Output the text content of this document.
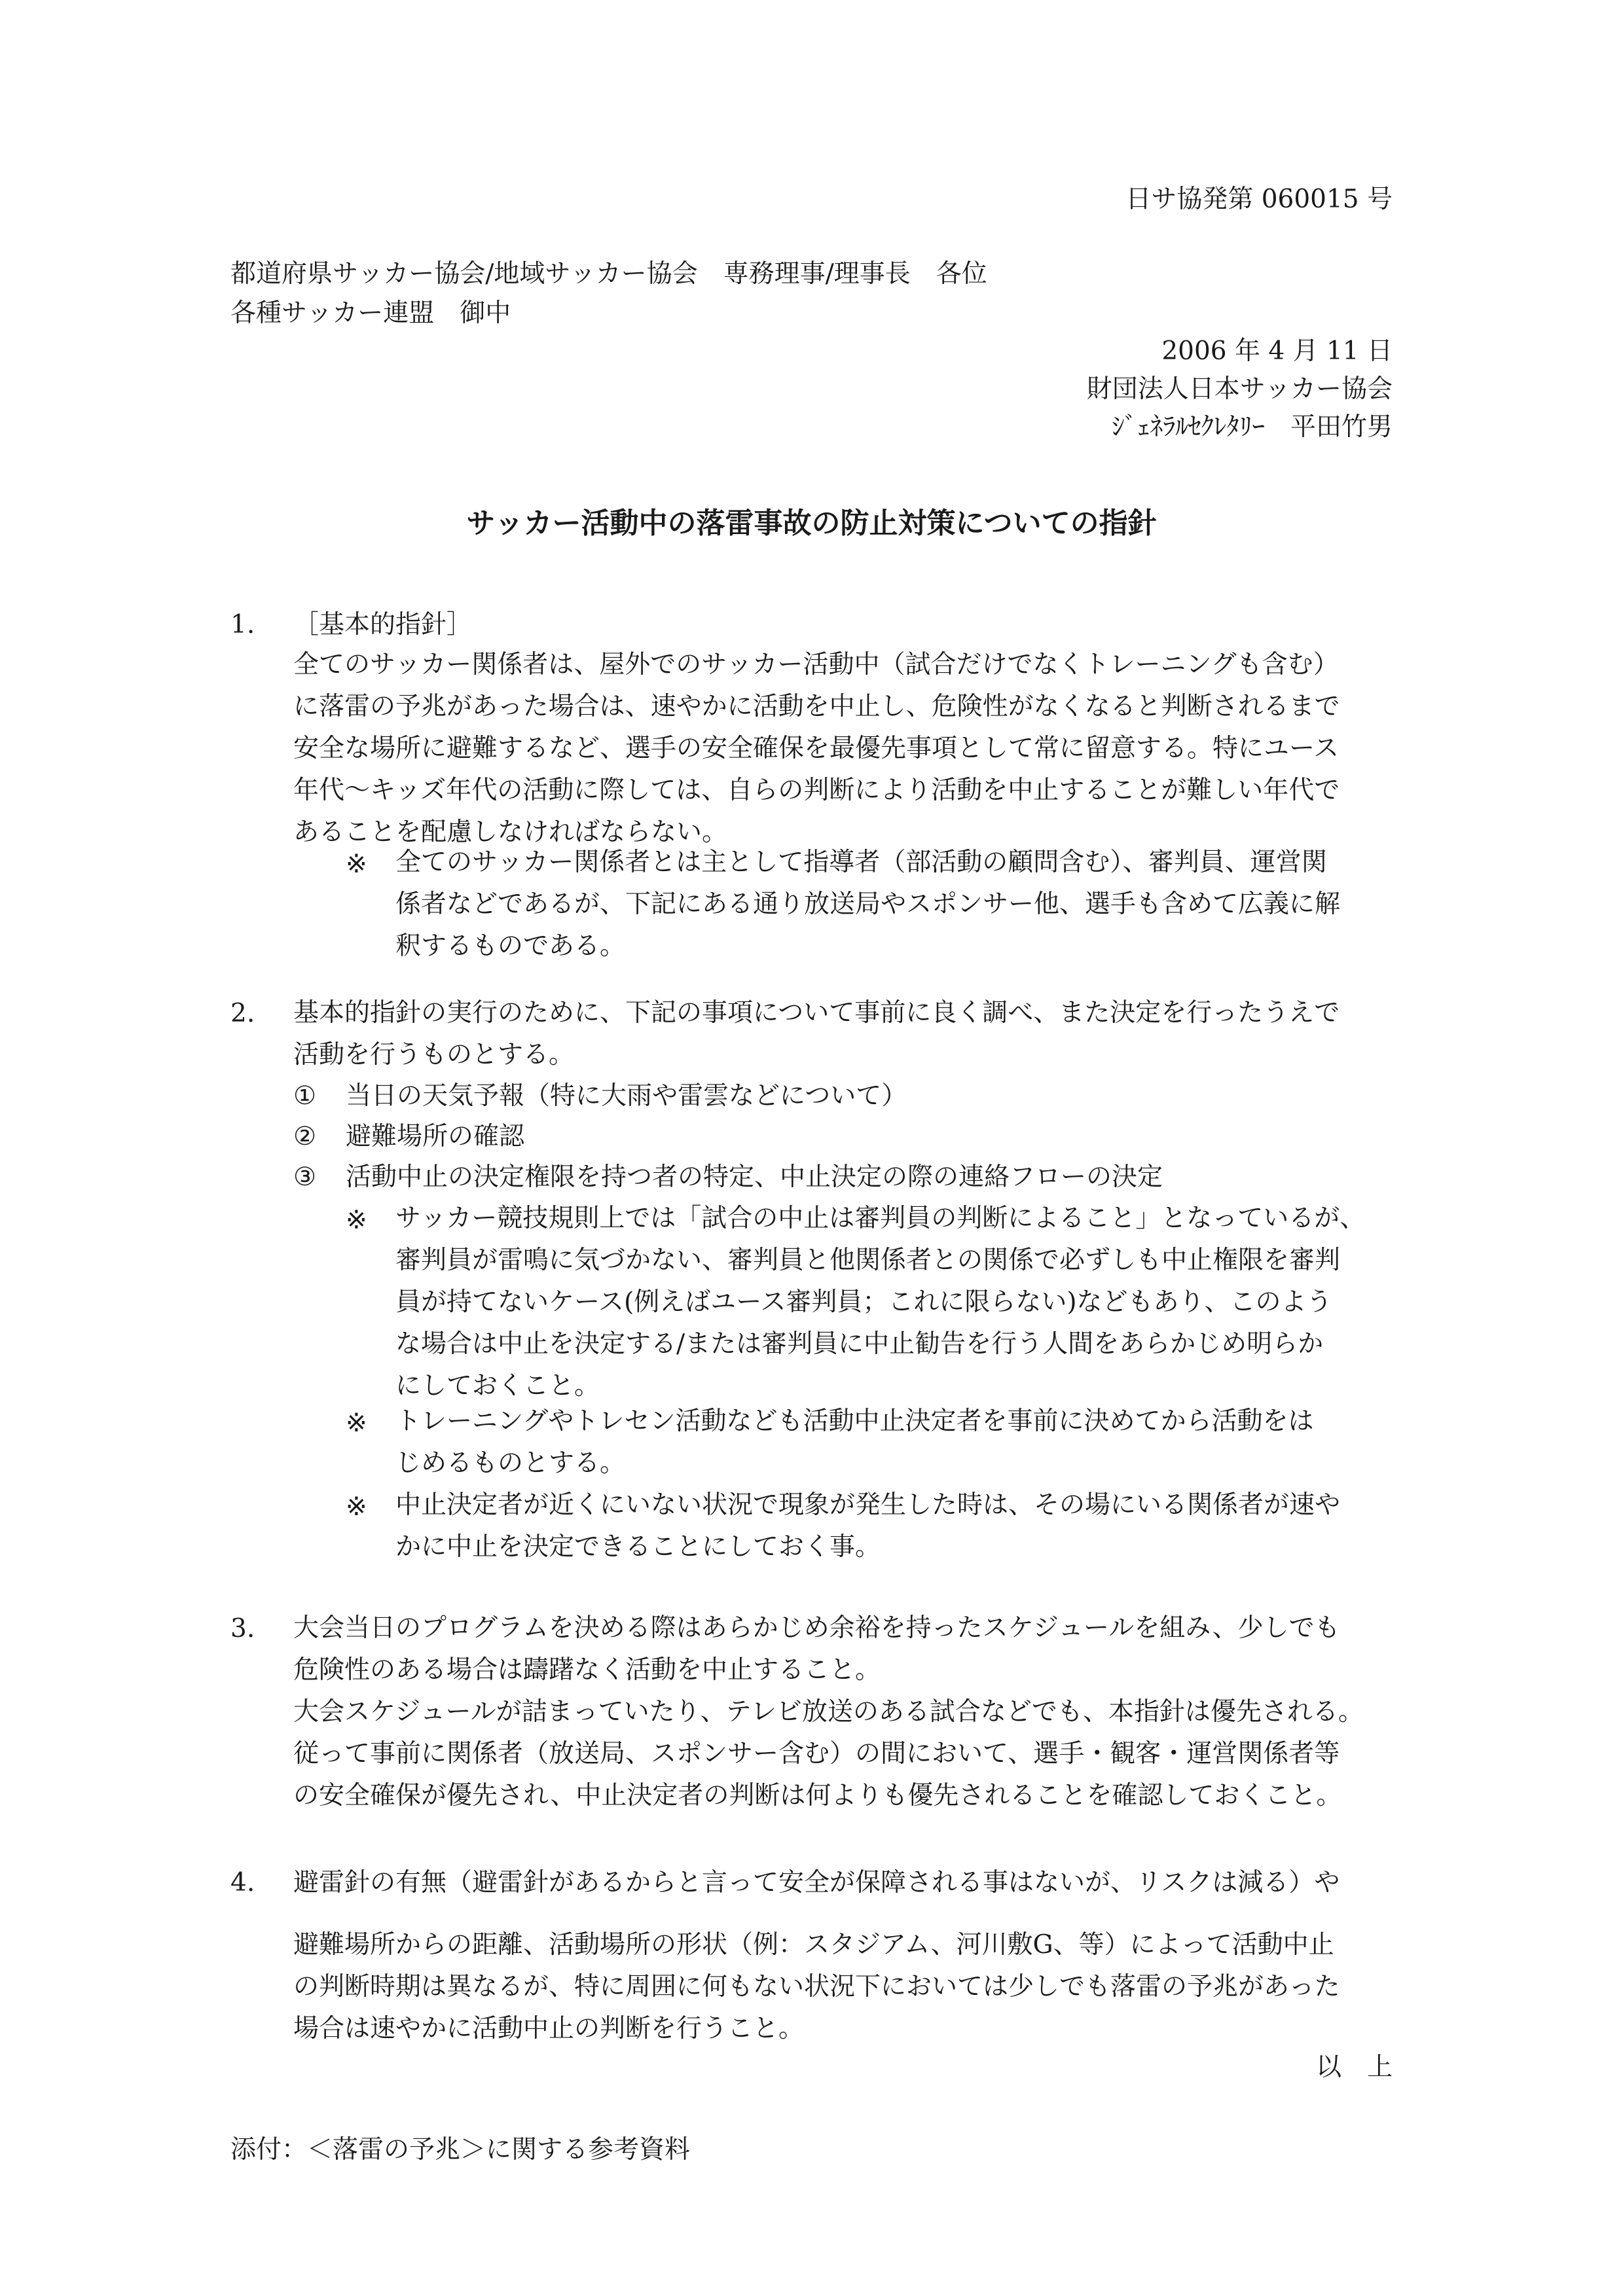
日サ協発第 060015 号
都道府県サッカー協会/地域サッカー協会　専務理事/理事長　各位
各種サッカー連盟　御中
2006 年 4 月 11 日
財団法人日本サッカー協会
ｼﾞｪﾈﾗﾙｾｸﾚﾀﾘｰ　平田竹男
サッカー活動中の落雷事故の防止対策についての指針
1. ［基本的指針］
全てのサッカー関係者は、屋外でのサッカー活動中（試合だけでなくトレーニングも含む）
に落雷の予兆があった場合は、速やかに活動を中止し、危険性がなくなると判断されるまで
安全な場所に避難するなど、選手の安全確保を最優先事項として常に留意する。特にユース
年代～キッズ年代の活動に際しては、自らの判断により活動を中止することが難しい年代で
あることを配慮しなければならない。
※ 全てのサッカー関係者とは主として指導者（部活動の顧問含む）、審判員、運営関
係者などであるが、下記にある通り放送局やスポンサー他、選手も含めて広義に解
釈するものである。
2. 基本的指針の実行のために、下記の事項について事前に良く調べ、また決定を行ったうえで
活動を行うものとする。
① 当日の天気予報（特に大雨や雷雲などについて）
② 避難場所の確認
③ 活動中止の決定権限を持つ者の特定、中止決定の際の連絡フローの決定
※ サッカー競技規則上では「試合の中止は審判員の判断によること」となっているが、
審判員が雷鳴に気づかない、審判員と他関係者との関係で必ずしも中止権限を審判
員が持てないケース(例えばユース審判員；これに限らない)などもあり、このよう
な場合は中止を決定する/または審判員に中止勧告を行う人間をあらかじめ明らか
にしておくこと。
※ トレーニングやトレセン活動なども活動中止決定者を事前に決めてから活動をは
じめるものとする。
※ 中止決定者が近くにいない状況で現象が発生した時は、その場にいる関係者が速や
かに中止を決定できることにしておく事。
3. 大会当日のプログラムを決める際はあらかじめ余裕を持ったスケジュールを組み、少しでも
危険性のある場合は躊躇なく活動を中止すること。
大会スケジュールが詰まっていたり、テレビ放送のある試合などでも、本指針は優先される。
従って事前に関係者（放送局、スポンサー含む）の間において、選手・観客・運営関係者等
の安全確保が優先され、中止決定者の判断は何よりも優先されることを確認しておくこと。
4. 避雷針の有無（避雷針があるからと言って安全が保障される事はないが、リスクは減る）や
避難場所からの距離、活動場所の形状（例：スタジアム、河川敷G、等）によって活動中止
の判断時期は異なるが、特に周囲に何もない状況下においては少しでも落雷の予兆があった
場合は速やかに活動中止の判断を行うこと。
以　上
添付：＜落雷の予兆＞に関する参考資料
